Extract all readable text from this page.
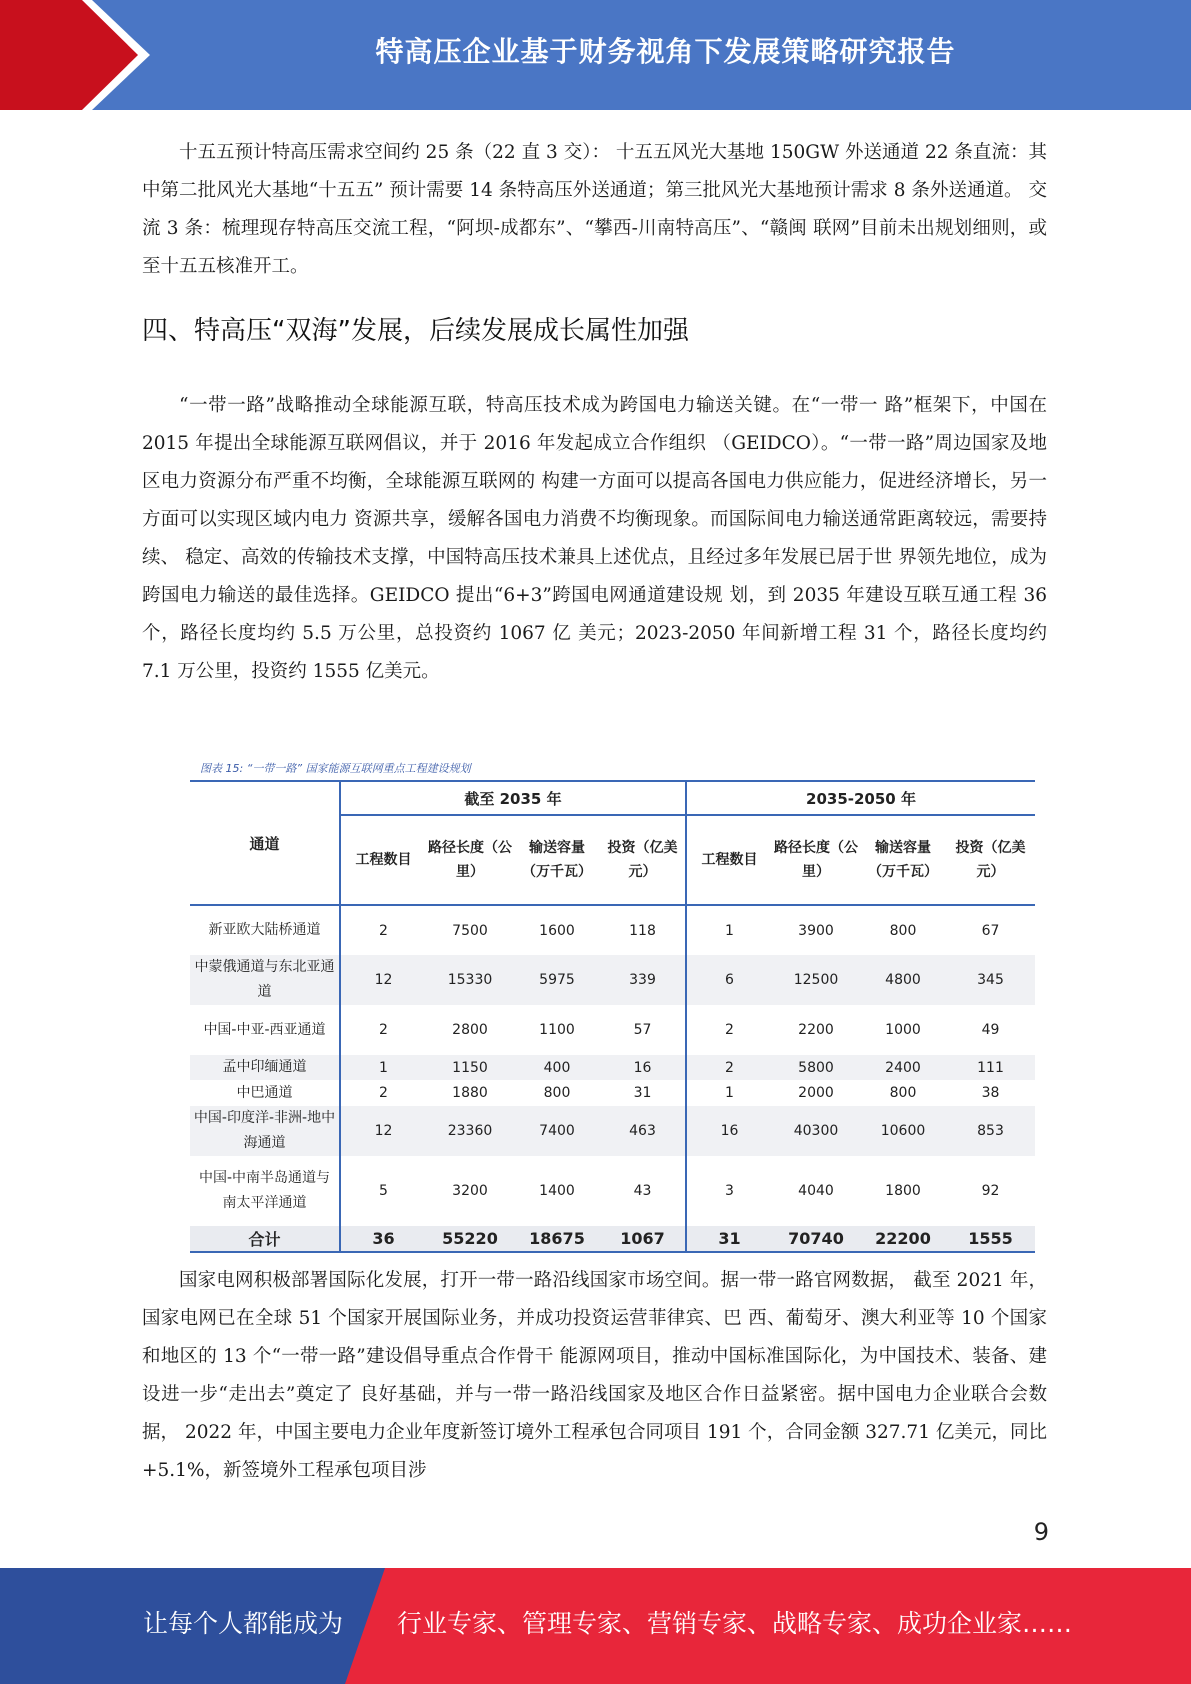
特高压企业基于财务视角下发展策略研究报告

十五五预计特高压需求空间约 25 条（22 直 3 交）： 十五五风光大基地 150GW 外送通道 22 条直流：其中第二批风光大基地“十五五” 预计需要 14 条特高压外送通道；第三批风光大基地预计需求 8 条外送通道。 交流 3 条：梳理现存特高压交流工程，“阿坝-成都东”、“攀西-川南特高压”、“赣闽 联网”目前未出规划细则，或至十五五核准开工。

四、特高压“双海”发展，后续发展成长属性加强

“一带一路”战略推动全球能源互联，特高压技术成为跨国电力输送关键。在“一带一 路”框架下，中国在 2015 年提出全球能源互联网倡议，并于 2016 年发起成立合作组织 （GEIDCO）。“一带一路”周边国家及地区电力资源分布严重不均衡，全球能源互联网的 构建一方面可以提高各国电力供应能力，促进经济增长，另一方面可以实现区域内电力 资源共享，缓解各国电力消费不均衡现象。而国际间电力输送通常距离较远，需要持续、 稳定、高效的传输技术支撑，中国特高压技术兼具上述优点，且经过多年发展已居于世 界领先地位，成为跨国电力输送的最佳选择。GEIDCO 提出“6+3”跨国电网通道建设规 划，到 2035 年建设互联互通工程 36 个，路径长度均约 5.5 万公里，总投资约 1067 亿 美元；2023-2050 年间新增工程 31 个，路径长度均约 7.1 万公里，投资约 1555 亿美元。

图表 15: “一带一路” 国家能源互联网重点工程建设规划
通道	截至 2035 年				2035-2050 年			
	工程数目	路径长度（公里）	输送容量（万千瓦）	投资（亿美元）	工程数目	路径长度（公里）	输送容量（万千瓦）	投资（亿美元）
新亚欧大陆桥通道	2	7500	1600	118	1	3900	800	67
中蒙俄通道与东北亚通道	12	15330	5975	339	6	12500	4800	345
中国-中亚-西亚通道	2	2800	1100	57	2	2200	1000	49
孟中印缅通道	1	1150	400	16	2	5800	2400	111
中巴通道	2	1880	800	31	1	2000	800	38
中国-印度洋-非洲-地中海通道	12	23360	7400	463	16	40300	10600	853
中国-中南半岛通道与南太平洋通道	5	3200	1400	43	3	4040	1800	92
合计	36	55220	18675	1067	31	70740	22200	1555

国家电网积极部署国际化发展，打开一带一路沿线国家市场空间。据一带一路官网数据， 截至 2021 年，国家电网已在全球 51 个国家开展国际业务，并成功投资运营菲律宾、巴 西、葡萄牙、澳大利亚等 10 个国家和地区的 13 个“一带一路”建设倡导重点合作骨干 能源网项目，推动中国标准国际化，为中国技术、装备、建设进一步“走出去”奠定了 良好基础，并与一带一路沿线国家及地区合作日益紧密。据中国电力企业联合会数据， 2022 年，中国主要电力企业年度新签订境外工程承包合同项目 191 个，合同金额 327.71 亿美元，同比+5.1%，新签境外工程承包项目涉

9
让每个人都能成为 行业专家、管理专家、营销专家、战略专家、成功企业家……
